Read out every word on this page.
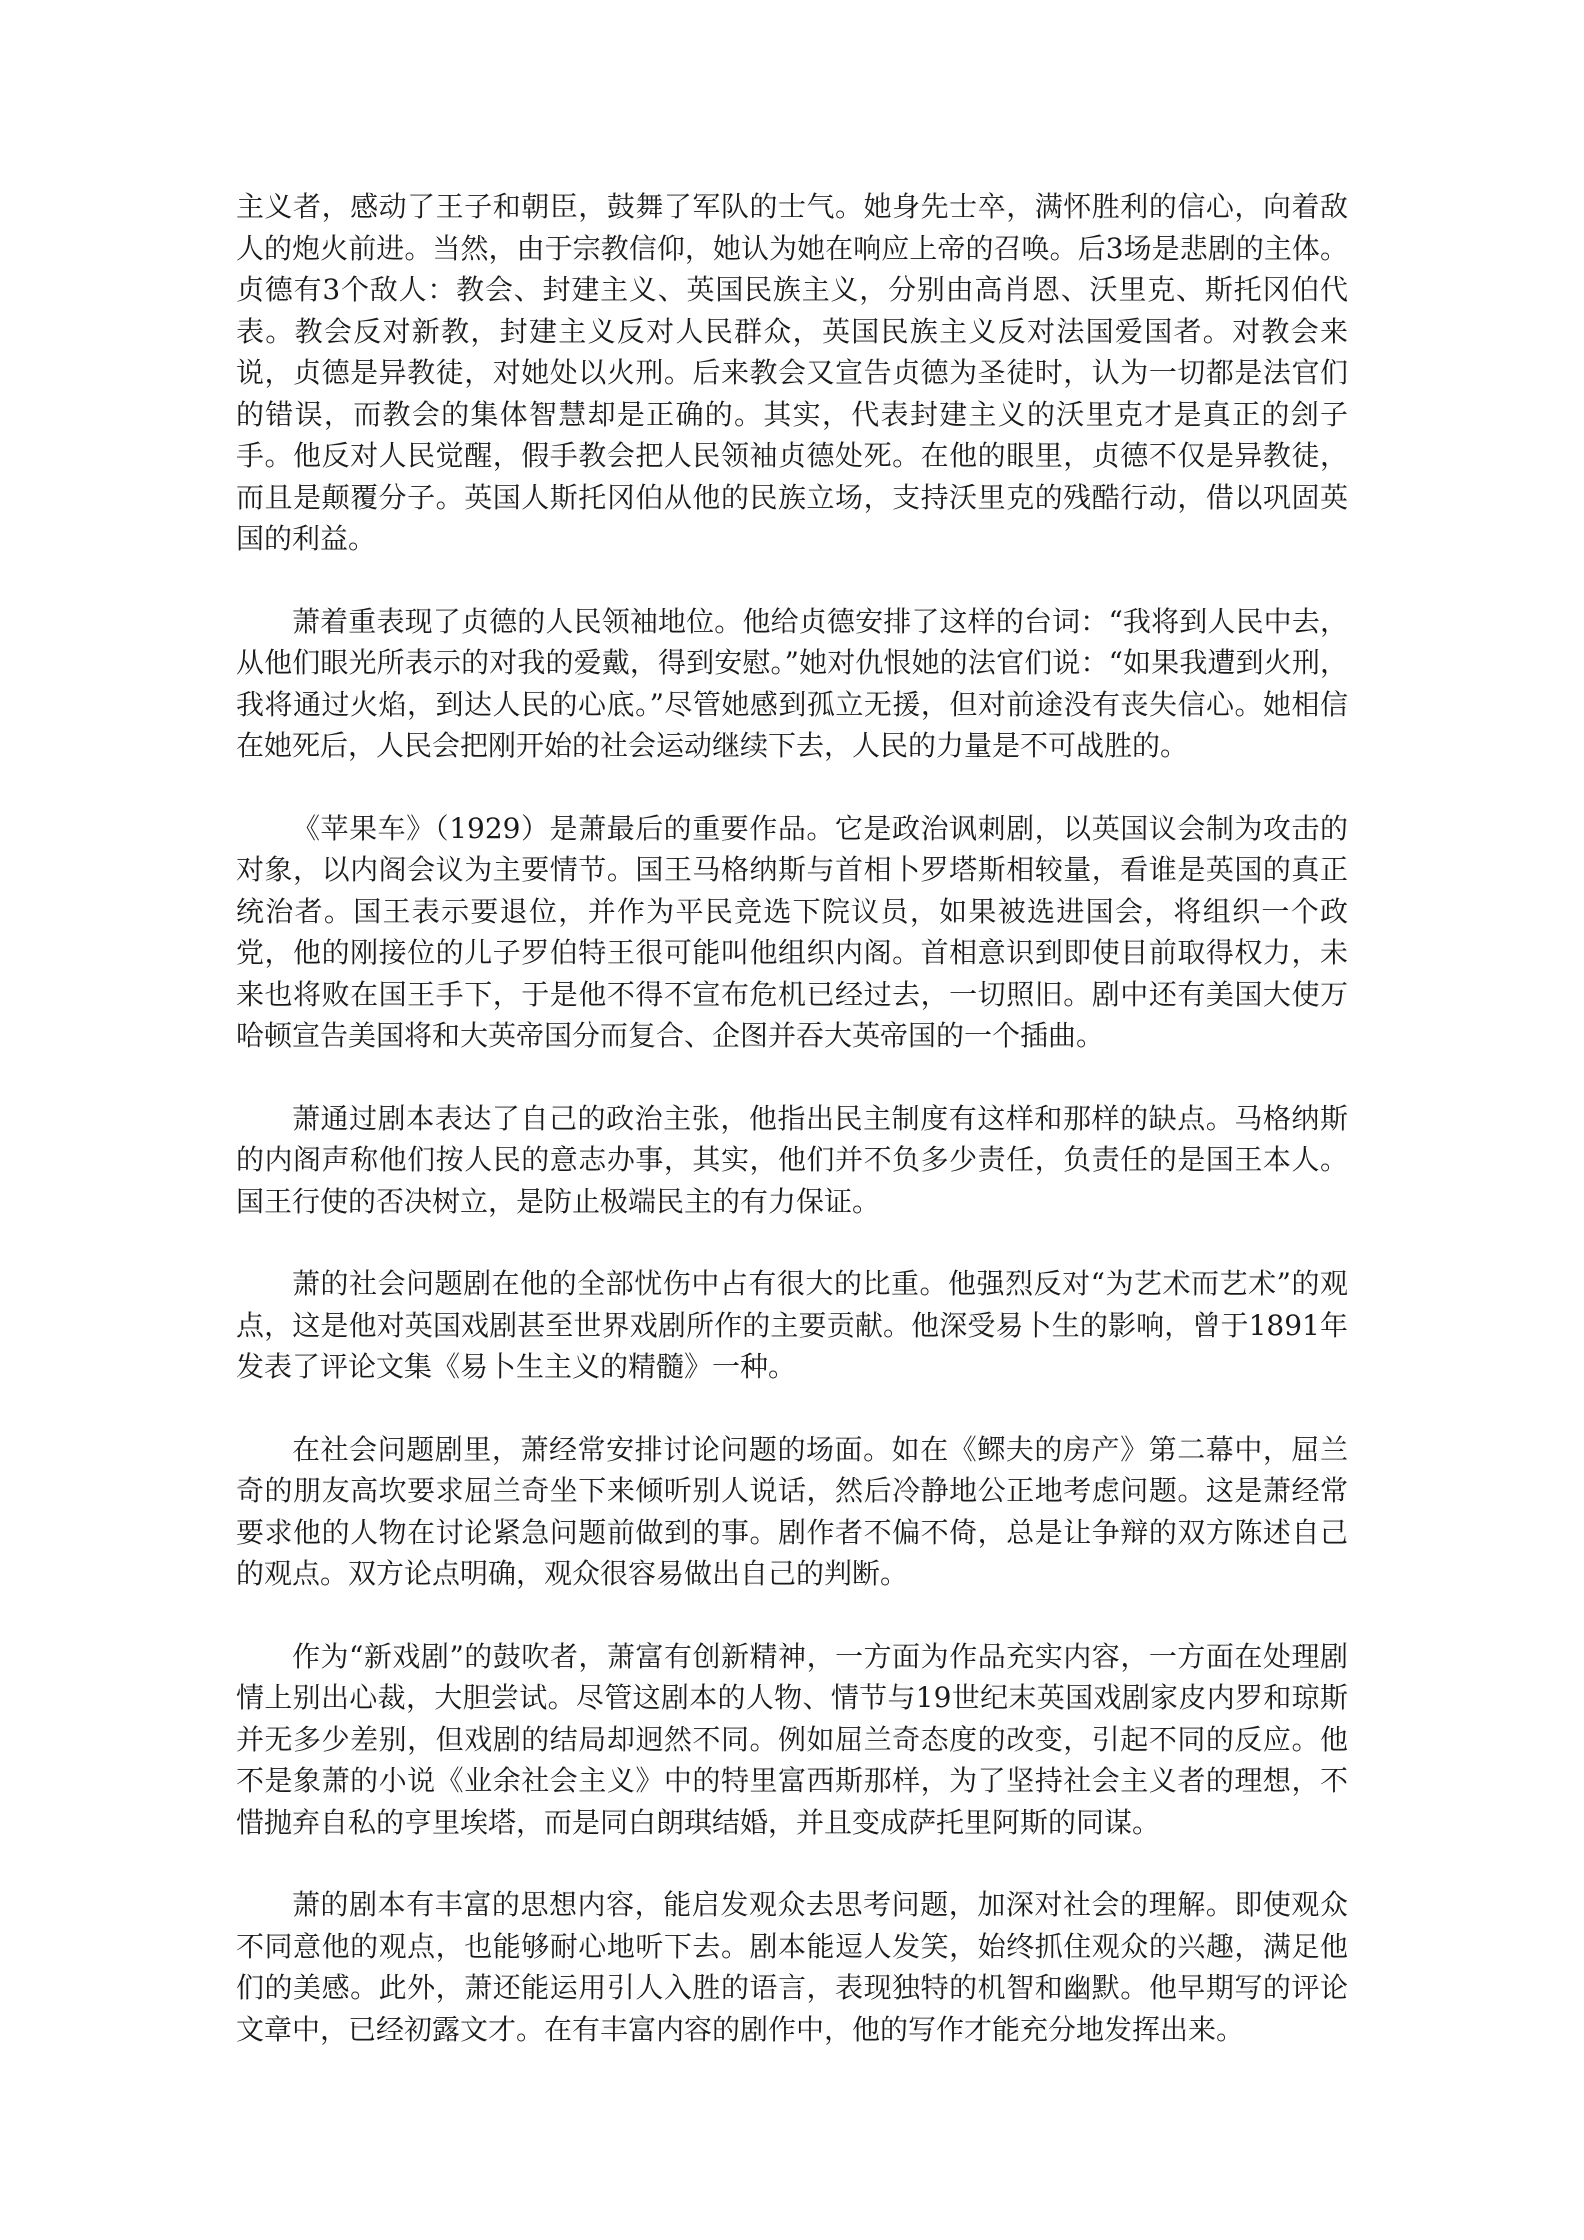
主义者，感动了王子和朝臣，鼓舞了军队的士气。她身先士卒，满怀胜利的信心，向着敌人的炮火前进。当然，由于宗教信仰，她认为她在响应上帝的召唤。后3场是悲剧的主体。贞德有3个敌人：教会、封建主义、英国民族主义，分别由高肖恩、沃里克、斯托冈伯代表。教会反对新教，封建主义反对人民群众，英国民族主义反对法国爱国者。对教会来说，贞德是异教徒，对她处以火刑。后来教会又宣告贞德为圣徒时，认为一切都是法官们的错误，而教会的集体智慧却是正确的。其实，代表封建主义的沃里克才是真正的刽子手。他反对人民觉醒，假手教会把人民领袖贞德处死。在他的眼里，贞德不仅是异教徒，而且是颠覆分子。英国人斯托冈伯从他的民族立场，支持沃里克的残酷行动，借以巩固英国的利益。

萧着重表现了贞德的人民领袖地位。他给贞德安排了这样的台词：“我将到人民中去，从他们眼光所表示的对我的爱戴，得到安慰。”她对仇恨她的法官们说：“如果我遭到火刑，我将通过火焰，到达人民的心底。”尽管她感到孤立无援，但对前途没有丧失信心。她相信在她死后，人民会把刚开始的社会运动继续下去，人民的力量是不可战胜的。

《苹果车》（1929）是萧最后的重要作品。它是政治讽刺剧，以英国议会制为攻击的对象，以内阁会议为主要情节。国王马格纳斯与首相卜罗塔斯相较量，看谁是英国的真正统治者。国王表示要退位，并作为平民竞选下院议员，如果被选进国会，将组织一个政党，他的刚接位的儿子罗伯特王很可能叫他组织内阁。首相意识到即使目前取得权力，未来也将败在国王手下，于是他不得不宣布危机已经过去，一切照旧。剧中还有美国大使万哈顿宣告美国将和大英帝国分而复合、企图并吞大英帝国的一个插曲。

萧通过剧本表达了自己的政治主张，他指出民主制度有这样和那样的缺点。马格纳斯的内阁声称他们按人民的意志办事，其实，他们并不负多少责任，负责任的是国王本人。国王行使的否决树立，是防止极端民主的有力保证。

萧的社会问题剧在他的全部忧伤中占有很大的比重。他强烈反对“为艺术而艺术”的观点，这是他对英国戏剧甚至世界戏剧所作的主要贡献。他深受易卜生的影响，曾于1891年发表了评论文集《易卜生主义的精髓》一种。

在社会问题剧里，萧经常安排讨论问题的场面。如在《鳏夫的房产》第二幕中，屈兰奇的朋友高坎要求屈兰奇坐下来倾听别人说话，然后冷静地公正地考虑问题。这是萧经常要求他的人物在讨论紧急问题前做到的事。剧作者不偏不倚，总是让争辩的双方陈述自己的观点。双方论点明确，观众很容易做出自己的判断。

作为“新戏剧”的鼓吹者，萧富有创新精神，一方面为作品充实内容，一方面在处理剧情上别出心裁，大胆尝试。尽管这剧本的人物、情节与19世纪末英国戏剧家皮内罗和琼斯并无多少差别，但戏剧的结局却迥然不同。例如屈兰奇态度的改变，引起不同的反应。他不是象萧的小说《业余社会主义》中的特里富西斯那样，为了坚持社会主义者的理想，不惜抛弃自私的亨里埃塔，而是同白朗琪结婚，并且变成萨托里阿斯的同谋。

萧的剧本有丰富的思想内容，能启发观众去思考问题，加深对社会的理解。即使观众不同意他的观点，也能够耐心地听下去。剧本能逗人发笑，始终抓住观众的兴趣，满足他们的美感。此外，萧还能运用引人入胜的语言，表现独特的机智和幽默。他早期写的评论文章中，已经初露文才。在有丰富内容的剧作中，他的写作才能充分地发挥出来。
